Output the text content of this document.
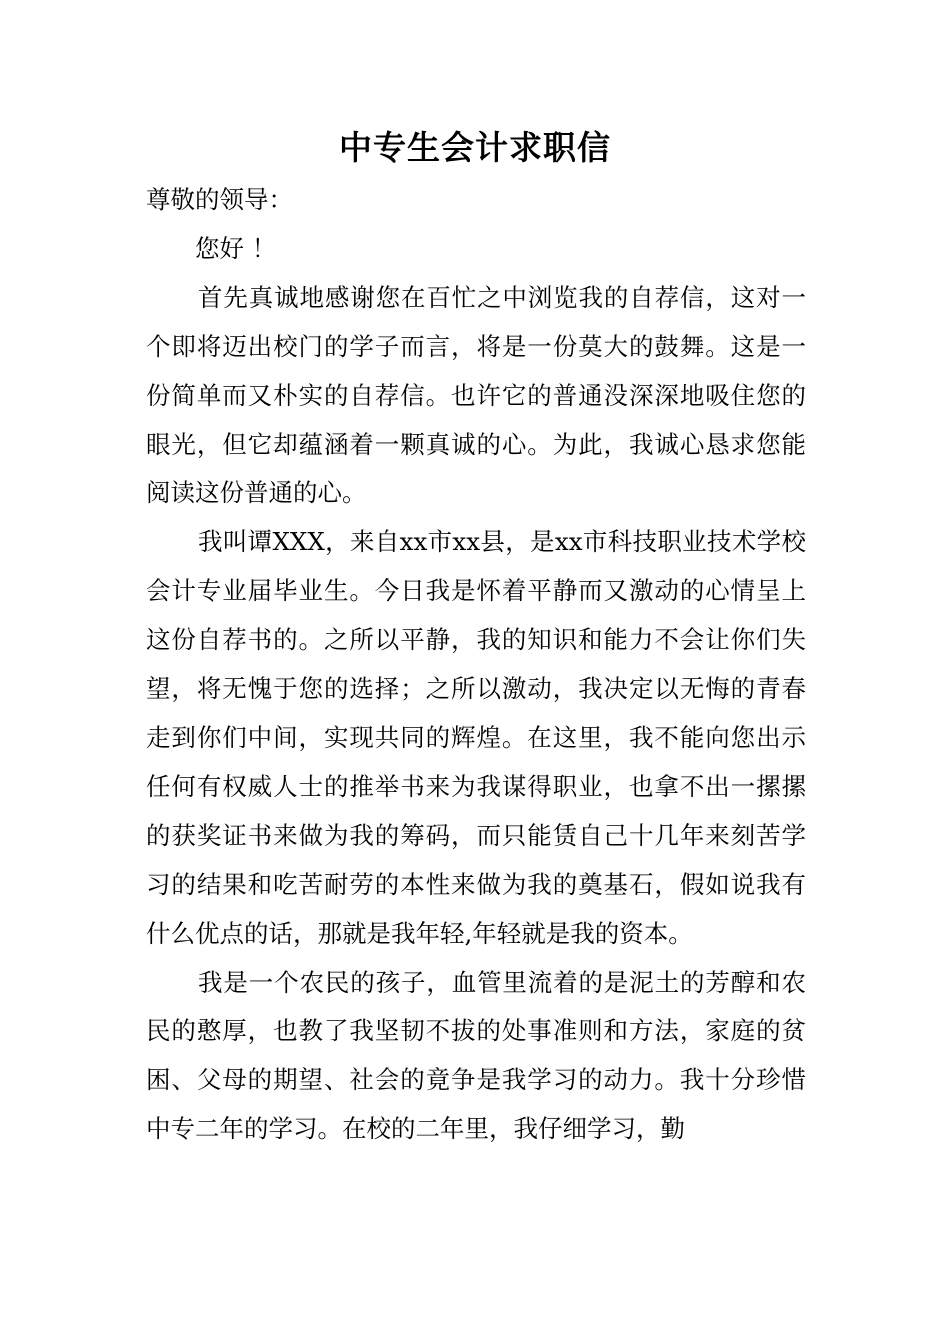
中专生会计求职信

尊敬的领导：

您好 ！

首先真诚地感谢您在百忙之中浏览我的自荐信，这对一个即将迈出校门的学子而言，将是一份莫大的鼓舞。这是一份简单而又朴实的自荐信。也许它的普通没深深地吸住您的眼光，但它却蕴涵着一颗真诚的心。为此，我诚心恳求您能阅读这份普通的心。

我叫谭XXX，来自xx市xx县，是xx市科技职业技术学校会计专业届毕业生。今日我是怀着平静而又激动的心情呈上这份自荐书的。之所以平静，我的知识和能力不会让你们失望，将无愧于您的选择；之所以激动，我决定以无悔的青春走到你们中间，实现共同的辉煌。在这里，我不能向您出示任何有权威人士的推举书来为我谋得职业，也拿不出一摞摞的获奖证书来做为我的筹码，而只能赁自己十几年来刻苦学习的结果和吃苦耐劳的本性来做为我的奠基石，假如说我有什么优点的话，那就是我年轻,年轻就是我的资本。

我是一个农民的孩子，血管里流着的是泥土的芳醇和农民的憨厚，也教了我坚韧不拔的处事准则和方法，家庭的贫困、父母的期望、社会的竟争是我学习的动力。我十分珍惜中专二年的学习。在校的二年里，我仔细学习，勤
